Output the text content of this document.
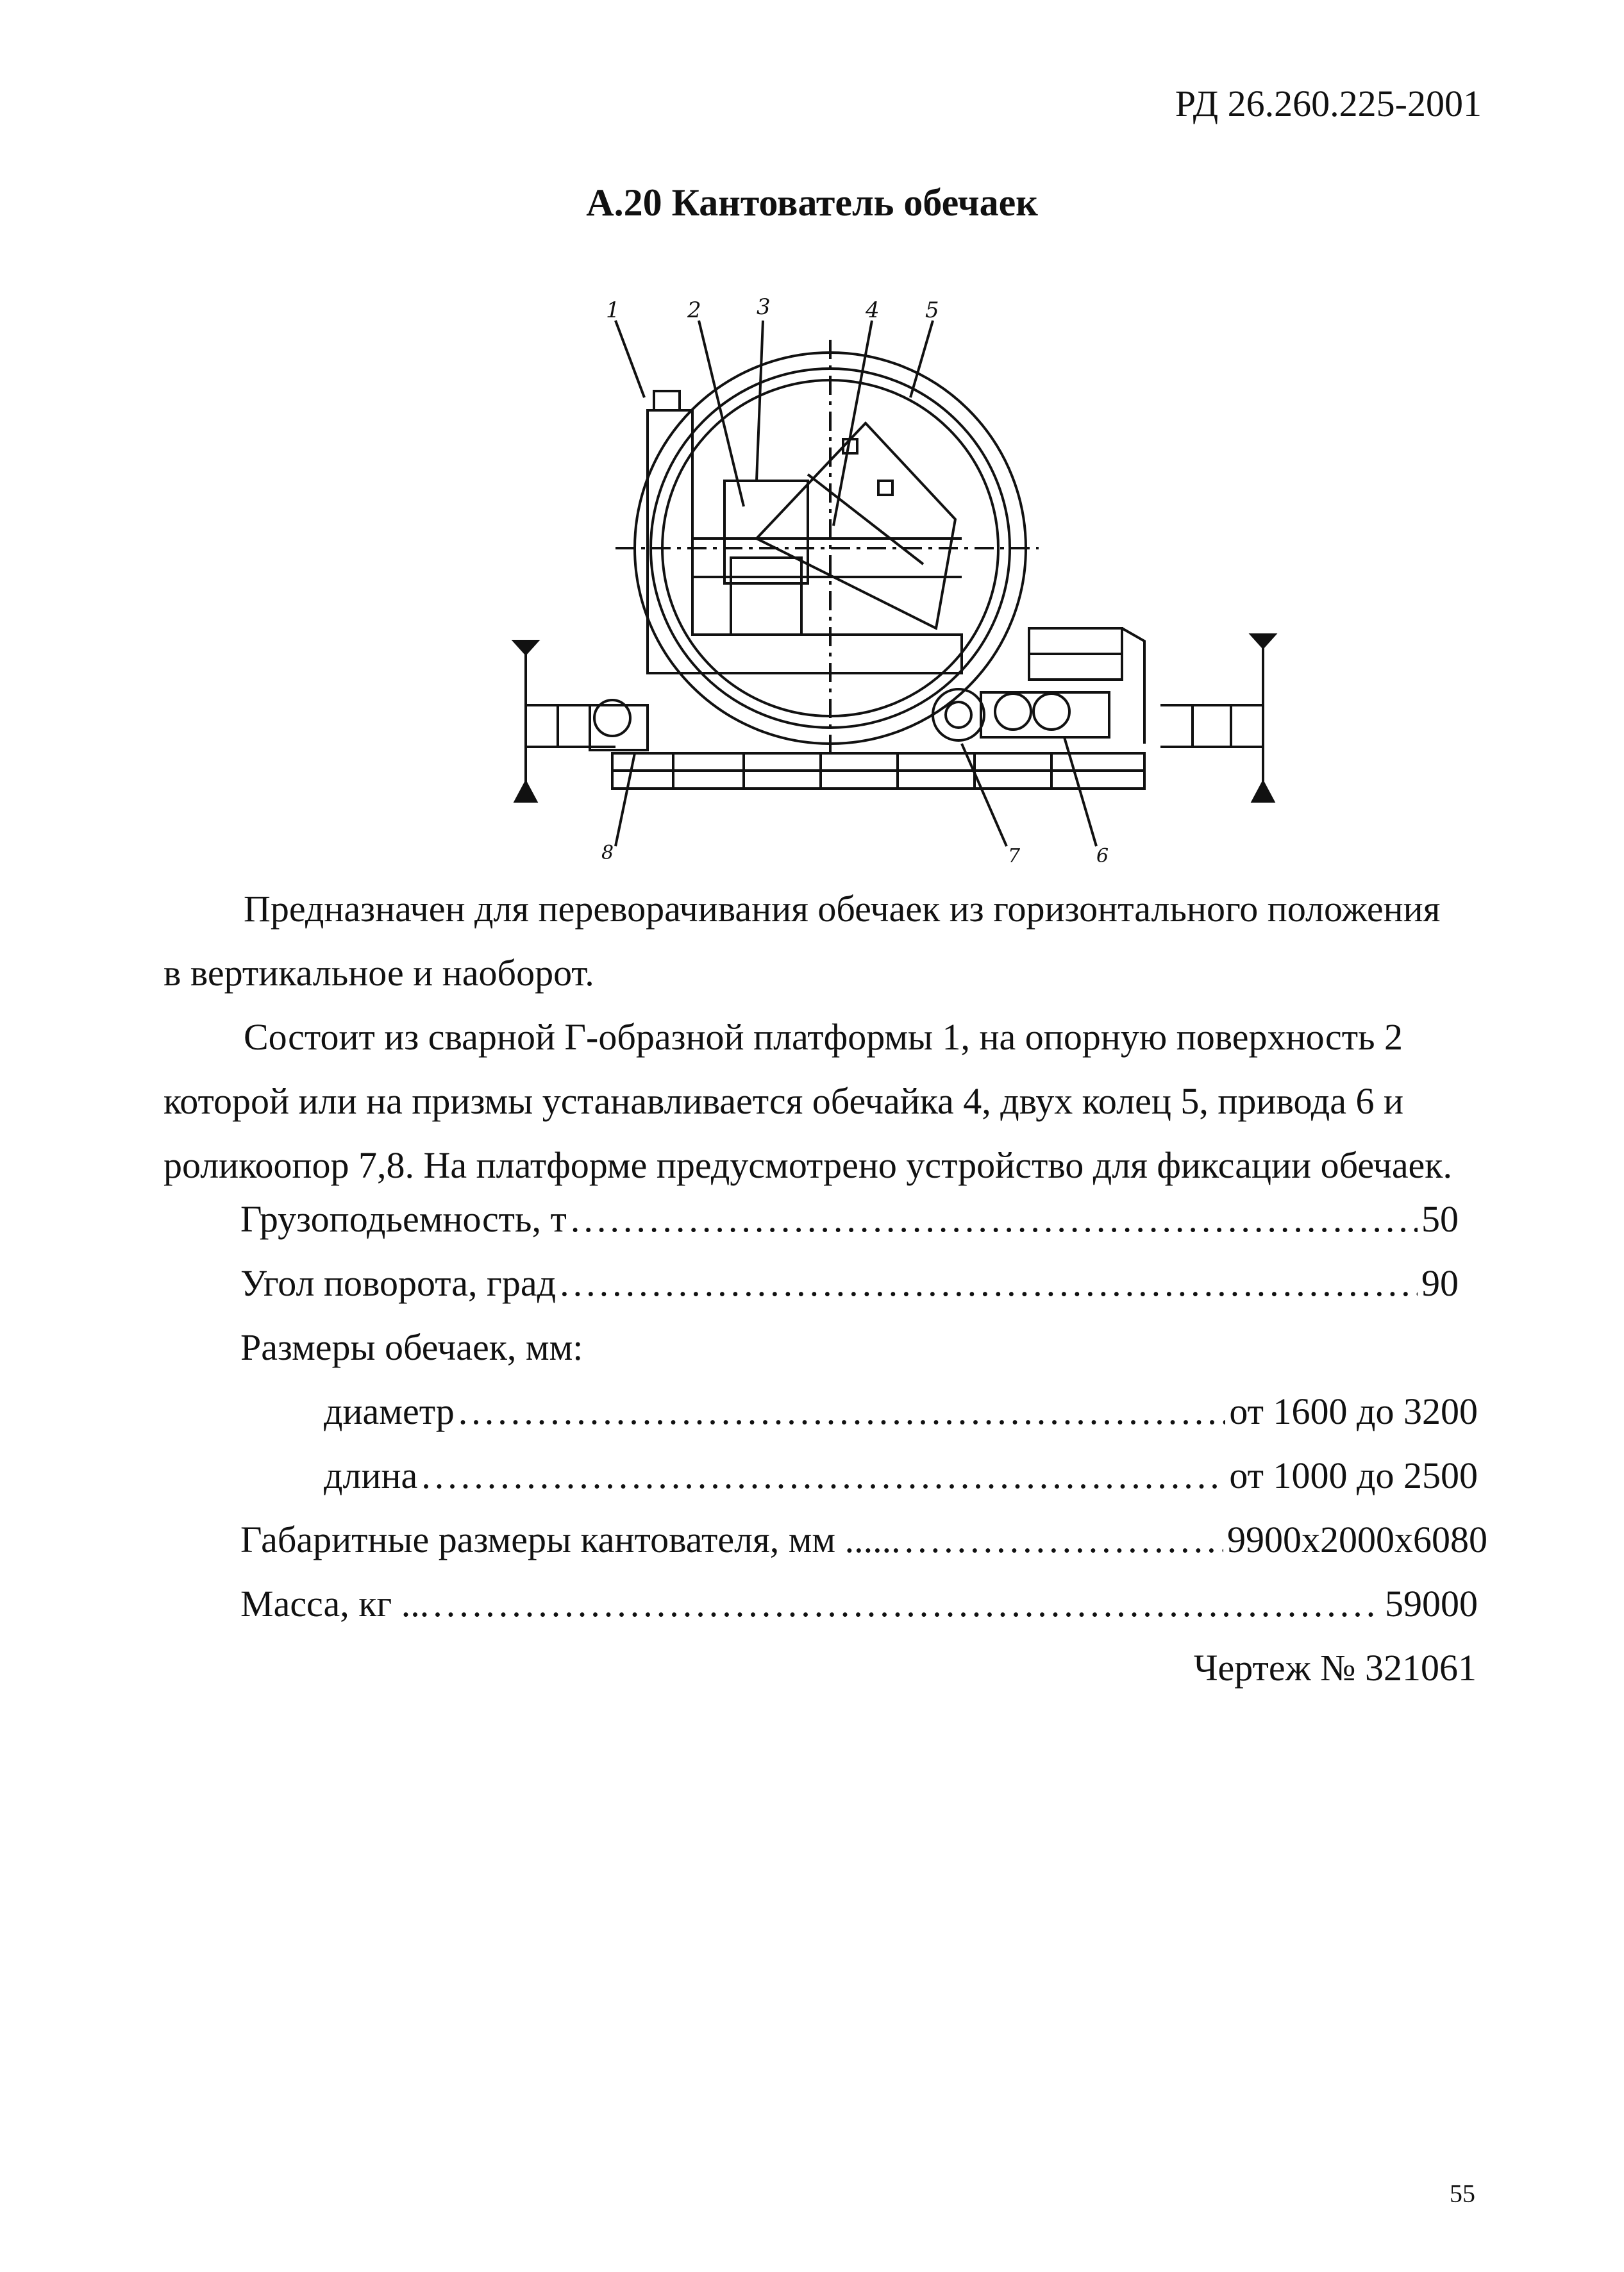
РД 26.260.225-2001
А.20 Кантователь обечаек
1	2	3	4 5
8	7	6
Предназначен для переворачивания обечаек из горизонтального положения в вертикальное и наоборот.
Состоит из сварной Г-образной платформы 1, на опорную поверхность 2 которой или на призмы устанавливается обечайка 4, двух колец 5, привода 6 и роликоопор 7,8. На платформе предусмотрено устройство для фиксации обечаек.
Грузоподьемность, т .....	50
Угол поворота, град .....	90
Размеры обечаек, мм:
диаметр .....	от 1600 до 3200
длина .....	от 1000 до 2500
Габаритные размеры кантователя, мм ...... .....	9900х2000х6080
Масса, кг ... .....	59000
Чертеж № 321061
55
